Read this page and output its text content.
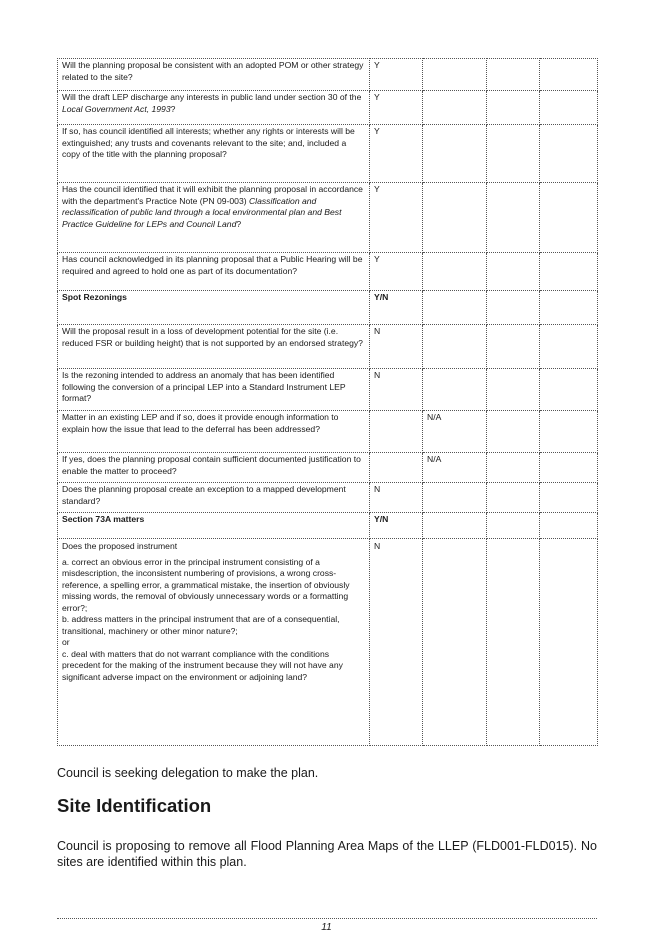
Will the planning proposal be consistent with an adopted POM or other strategy related to the site?	Y			
Will the draft LEP discharge any interests in public land under section 30 of the Local Government Act, 1993?	Y			
If so, has council identified all interests; whether any rights or interests will be extinguished; any trusts and covenants relevant to the site; and, included a copy of the title with the planning proposal?	Y			
Has the council identified that it will exhibit the planning proposal in accordance with the department's Practice Note (PN 09-003) Classification and reclassification of public land through a local environmental plan and Best Practice Guideline for LEPs and Council Land?	Y			
Has council acknowledged in its planning proposal that a Public Hearing will be required and agreed to hold one as part of its documentation?	Y			
Spot Rezonings	Y/N			
Will the proposal result in a loss of development potential for the site (i.e. reduced FSR or building height) that is not supported by an endorsed strategy?	N			
Is the rezoning intended to address an anomaly that has been identified following the conversion of a principal LEP into a Standard Instrument LEP format?	N			
Matter in an existing LEP and if so, does it provide enough information to explain how the issue that lead to the deferral has been addressed?		N/A		
If yes, does the planning proposal contain sufficient documented justification to enable the matter to proceed?		N/A		
Does the planning proposal create an exception to a mapped development standard?	N			
Section 73A matters	Y/N			

Does the proposed instrument
a. correct an obvious error in the principal instrument consisting of a misdescription, the inconsistent numbering of provisions, a wrong cross-reference, a spelling error, a grammatical mistake, the insertion of obviously missing words, the removal of obviously unnecessary words or a formatting error?;
b. address matters in the principal instrument that are of a consequential, transitional, machinery or other minor nature?;
or
c. deal with matters that do not warrant compliance with the conditions precedent for the making of the instrument because they will not have any significant adverse impact on the environment or adjoining land?	N			
Council is seeking delegation to make the plan.
Site Identification
Council is proposing to remove all Flood Planning Area Maps of the LLEP (FLD001-FLD015). No sites are identified within this plan.
11
